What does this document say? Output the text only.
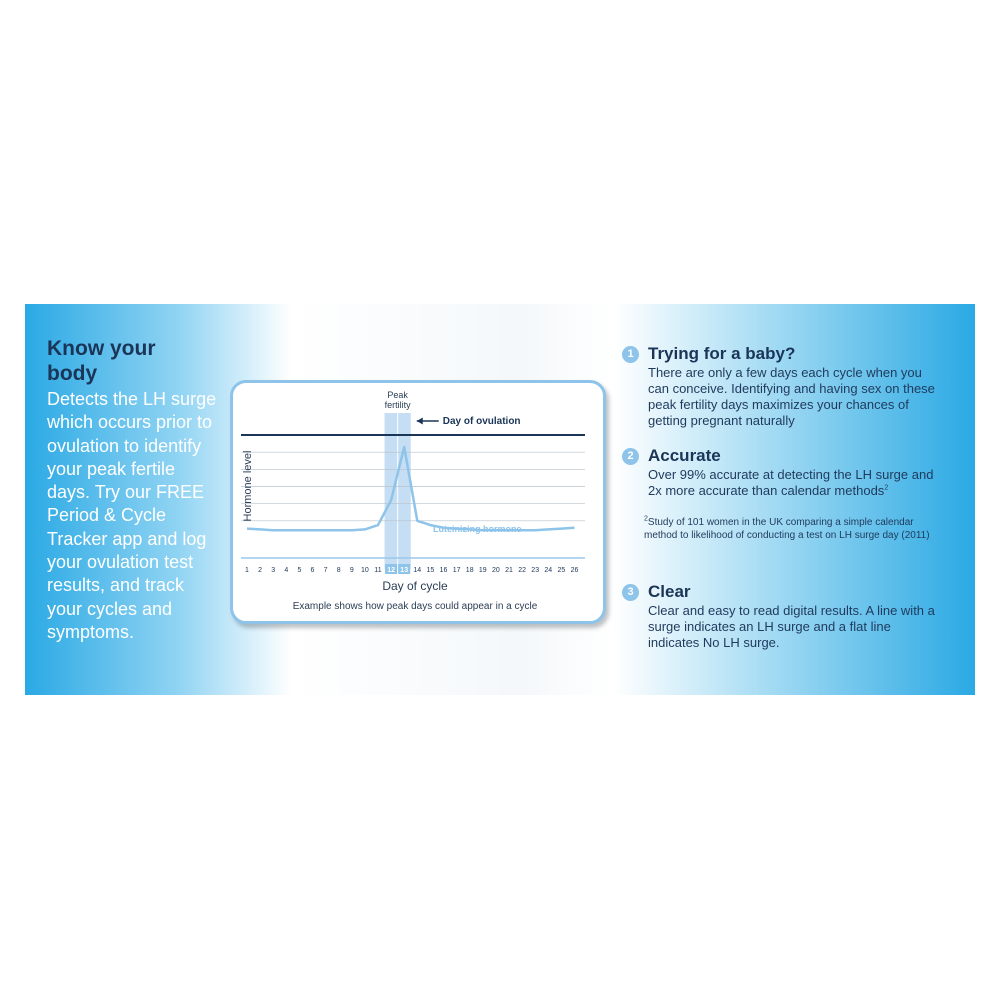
Know your body
Detects the LH surge which occurs prior to ovulation to identify your peak fertile days. Try our FREE Period & Cycle Tracker app and log your ovulation test results, and track your cycles and symptoms.
1 2 3 4 5 6 7 8 9 10 11 12 13 14 15 16 17 18 19 20 21 22 23 24 25 26
Peak
fertility
Day of ovulation
Luteinizing hormone
Hormone level
Day of cycle
Example shows how peak days could appear in a cycle
1 Trying for a baby?
There are only a few days each cycle when you can conceive. Identifying and having sex on these peak fertility days maximizes your chances of getting pregnant naturally
2 Accurate
Over 99% accurate at detecting the LH surge and 2x more accurate than calendar methods$^2$
$^2$Study of 101 women in the UK comparing a simple calendar method to likelihood of conducting a test on LH surge day (2011)
3 Clear
Clear and easy to read digital results. A line with a surge indicates an LH surge and a flat line indicates No LH surge.
